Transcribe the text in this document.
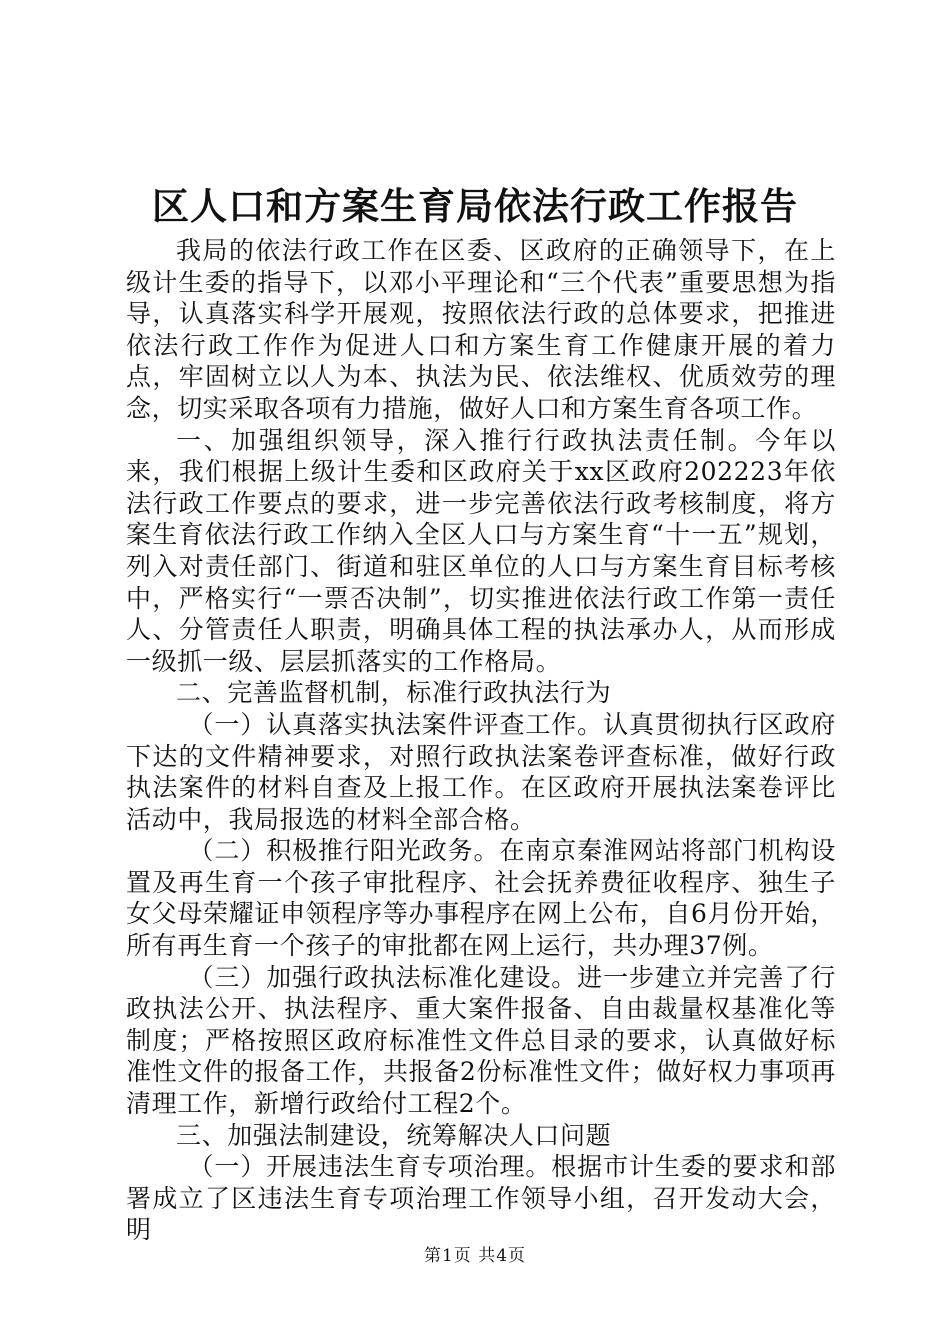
区人口和方案生育局依法行政工作报告

我局的依法行政工作在区委、区政府的正确领导下，在上级计生委的指导下，以邓小平理论和“三个代表”重要思想为指导，认真落实科学开展观，按照依法行政的总体要求，把推进依法行政工作作为促进人口和方案生育工作健康开展的着力点，牢固树立以人为本、执法为民、依法维权、优质效劳的理念，切实采取各项有力措施，做好人口和方案生育各项工作。

一、加强组织领导，深入推行行政执法责任制。今年以来，我们根据上级计生委和区政府关于xx区政府202223年依法行政工作要点的要求，进一步完善依法行政考核制度，将方案生育依法行政工作纳入全区人口与方案生育“十一五”规划，列入对责任部门、街道和驻区单位的人口与方案生育目标考核中，严格实行“一票否决制”，切实推进依法行政工作第一责任人、分管责任人职责，明确具体工程的执法承办人，从而形成一级抓一级、层层抓落实的工作格局。

二、完善监督机制，标准行政执法行为

（一）认真落实执法案件评查工作。认真贯彻执行区政府下达的文件精神要求，对照行政执法案卷评查标准，做好行政执法案件的材料自查及上报工作。在区政府开展执法案卷评比活动中，我局报选的材料全部合格。

（二）积极推行阳光政务。在南京秦淮网站将部门机构设置及再生育一个孩子审批程序、社会抚养费征收程序、独生子女父母荣耀证申领程序等办事程序在网上公布，自6月份开始，所有再生育一个孩子的审批都在网上运行，共办理37例。

（三）加强行政执法标准化建设。进一步建立并完善了行政执法公开、执法程序、重大案件报备、自由裁量权基准化等制度；严格按照区政府标准性文件总目录的要求，认真做好标准性文件的报备工作，共报备2份标准性文件；做好权力事项再清理工作，新增行政给付工程2个。

三、加强法制建设，统筹解决人口问题

（一）开展违法生育专项治理。根据市计生委的要求和部署成立了区违法生育专项治理工作领导小组，召开发动大会，明

第1页 共4页
